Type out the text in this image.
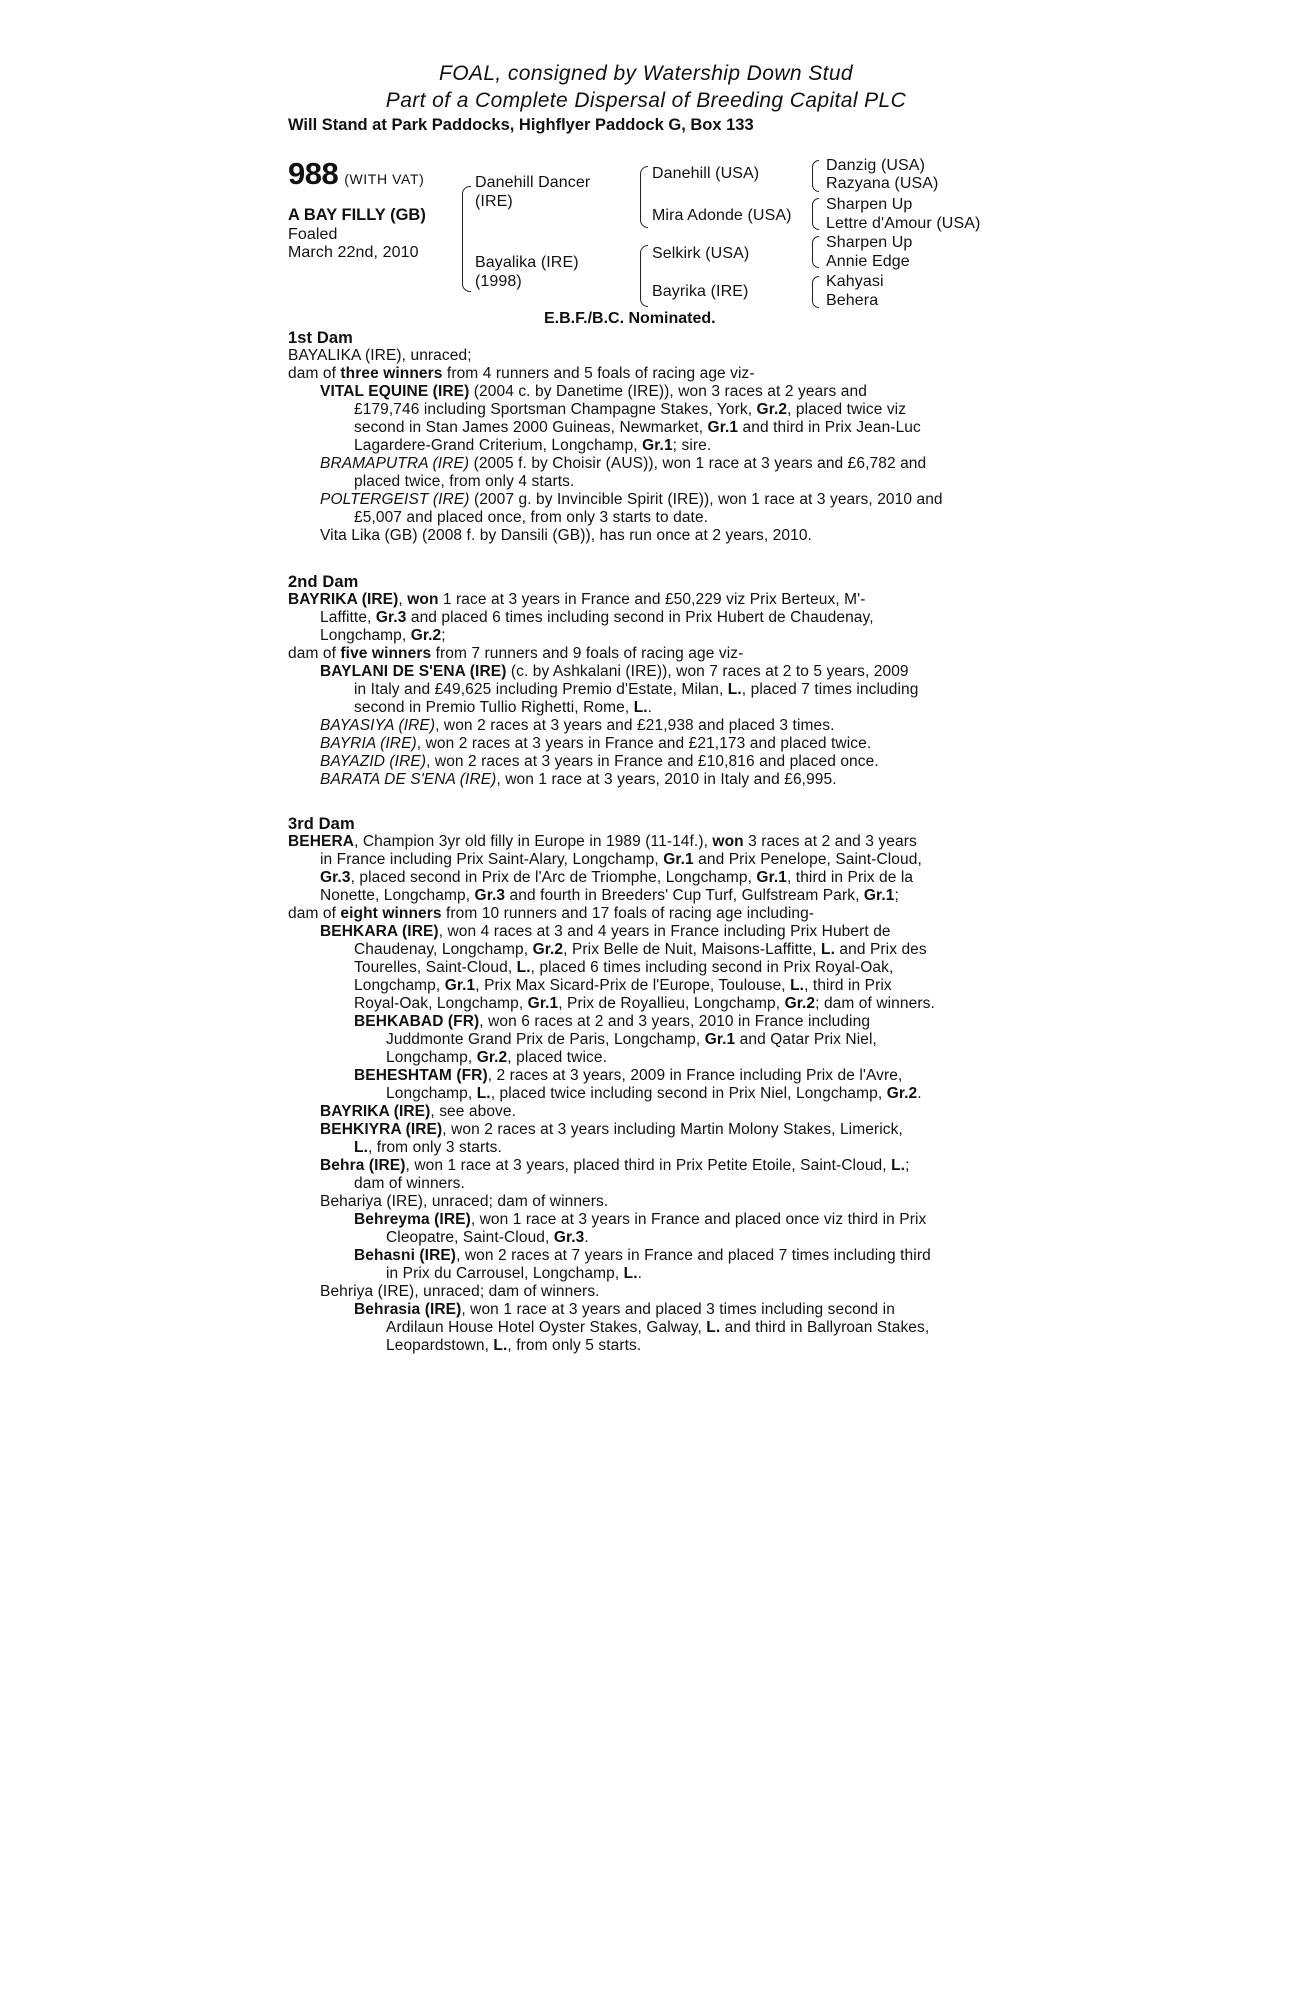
FOAL, consigned by Watership Down Stud
Part of a Complete Dispersal of Breeding Capital PLC
Will Stand at Park Paddocks, Highflyer Paddock G, Box 133
988 (WITH VAT)
A BAY FILLY (GB)
Foaled
March 22nd, 2010
Danehill Dancer
(IRE)
Bayalika (IRE)
(1998)
Danehill (USA)
Mira Adonde (USA)
Selkirk (USA)
Bayrika (IRE)
Danzig (USA)
Razyana (USA)
Sharpen Up
Lettre d'Amour (USA)
Sharpen Up
Annie Edge
Kahyasi
Behera
E.B.F./B.C. Nominated.
1st Dam
BAYALIKA (IRE), unraced;
dam of three winners from 4 runners and 5 foals of racing age viz-
VITAL EQUINE (IRE) (2004 c. by Danetime (IRE)), won 3 races at 2 years and
£179,746 including Sportsman Champagne Stakes, York, Gr.2, placed twice viz
second in Stan James 2000 Guineas, Newmarket, Gr.1 and third in Prix Jean-Luc
Lagardere-Grand Criterium, Longchamp, Gr.1; sire.
BRAMAPUTRA (IRE) (2005 f. by Choisir (AUS)), won 1 race at 3 years and £6,782 and
placed twice, from only 4 starts.
POLTERGEIST (IRE) (2007 g. by Invincible Spirit (IRE)), won 1 race at 3 years, 2010 and
£5,007 and placed once, from only 3 starts to date.
Vita Lika (GB) (2008 f. by Dansili (GB)), has run once at 2 years, 2010.
2nd Dam
BAYRIKA (IRE), won 1 race at 3 years in France and £50,229 viz Prix Berteux, M'-
Laffitte, Gr.3 and placed 6 times including second in Prix Hubert de Chaudenay,
Longchamp, Gr.2;
dam of five winners from 7 runners and 9 foals of racing age viz-
BAYLANI DE S'ENA (IRE) (c. by Ashkalani (IRE)), won 7 races at 2 to 5 years, 2009
in Italy and £49,625 including Premio d'Estate, Milan, L., placed 7 times including
second in Premio Tullio Righetti, Rome, L..
BAYASIYA (IRE), won 2 races at 3 years and £21,938 and placed 3 times.
BAYRIA (IRE), won 2 races at 3 years in France and £21,173 and placed twice.
BAYAZID (IRE), won 2 races at 3 years in France and £10,816 and placed once.
BARATA DE S'ENA (IRE), won 1 race at 3 years, 2010 in Italy and £6,995.
3rd Dam
BEHERA, Champion 3yr old filly in Europe in 1989 (11-14f.), won 3 races at 2 and 3 years
in France including Prix Saint-Alary, Longchamp, Gr.1 and Prix Penelope, Saint-Cloud,
Gr.3, placed second in Prix de l'Arc de Triomphe, Longchamp, Gr.1, third in Prix de la
Nonette, Longchamp, Gr.3 and fourth in Breeders' Cup Turf, Gulfstream Park, Gr.1;
dam of eight winners from 10 runners and 17 foals of racing age including-
BEHKARA (IRE), won 4 races at 3 and 4 years in France including Prix Hubert de
Chaudenay, Longchamp, Gr.2, Prix Belle de Nuit, Maisons-Laffitte, L. and Prix des
Tourelles, Saint-Cloud, L., placed 6 times including second in Prix Royal-Oak,
Longchamp, Gr.1, Prix Max Sicard-Prix de l'Europe, Toulouse, L., third in Prix
Royal-Oak, Longchamp, Gr.1, Prix de Royallieu, Longchamp, Gr.2; dam of winners.
BEHKABAD (FR), won 6 races at 2 and 3 years, 2010 in France including
Juddmonte Grand Prix de Paris, Longchamp, Gr.1 and Qatar Prix Niel,
Longchamp, Gr.2, placed twice.
BEHESHTAM (FR), 2 races at 3 years, 2009 in France including Prix de l'Avre,
Longchamp, L., placed twice including second in Prix Niel, Longchamp, Gr.2.
BAYRIKA (IRE), see above.
BEHKIYRA (IRE), won 2 races at 3 years including Martin Molony Stakes, Limerick,
L., from only 3 starts.
Behra (IRE), won 1 race at 3 years, placed third in Prix Petite Etoile, Saint-Cloud, L.;
dam of winners.
Behariya (IRE), unraced; dam of winners.
Behreyma (IRE), won 1 race at 3 years in France and placed once viz third in Prix
Cleopatre, Saint-Cloud, Gr.3.
Behasni (IRE), won 2 races at 7 years in France and placed 7 times including third
in Prix du Carrousel, Longchamp, L..
Behriya (IRE), unraced; dam of winners.
Behrasia (IRE), won 1 race at 3 years and placed 3 times including second in
Ardilaun House Hotel Oyster Stakes, Galway, L. and third in Ballyroan Stakes,
Leopardstown, L., from only 5 starts.
